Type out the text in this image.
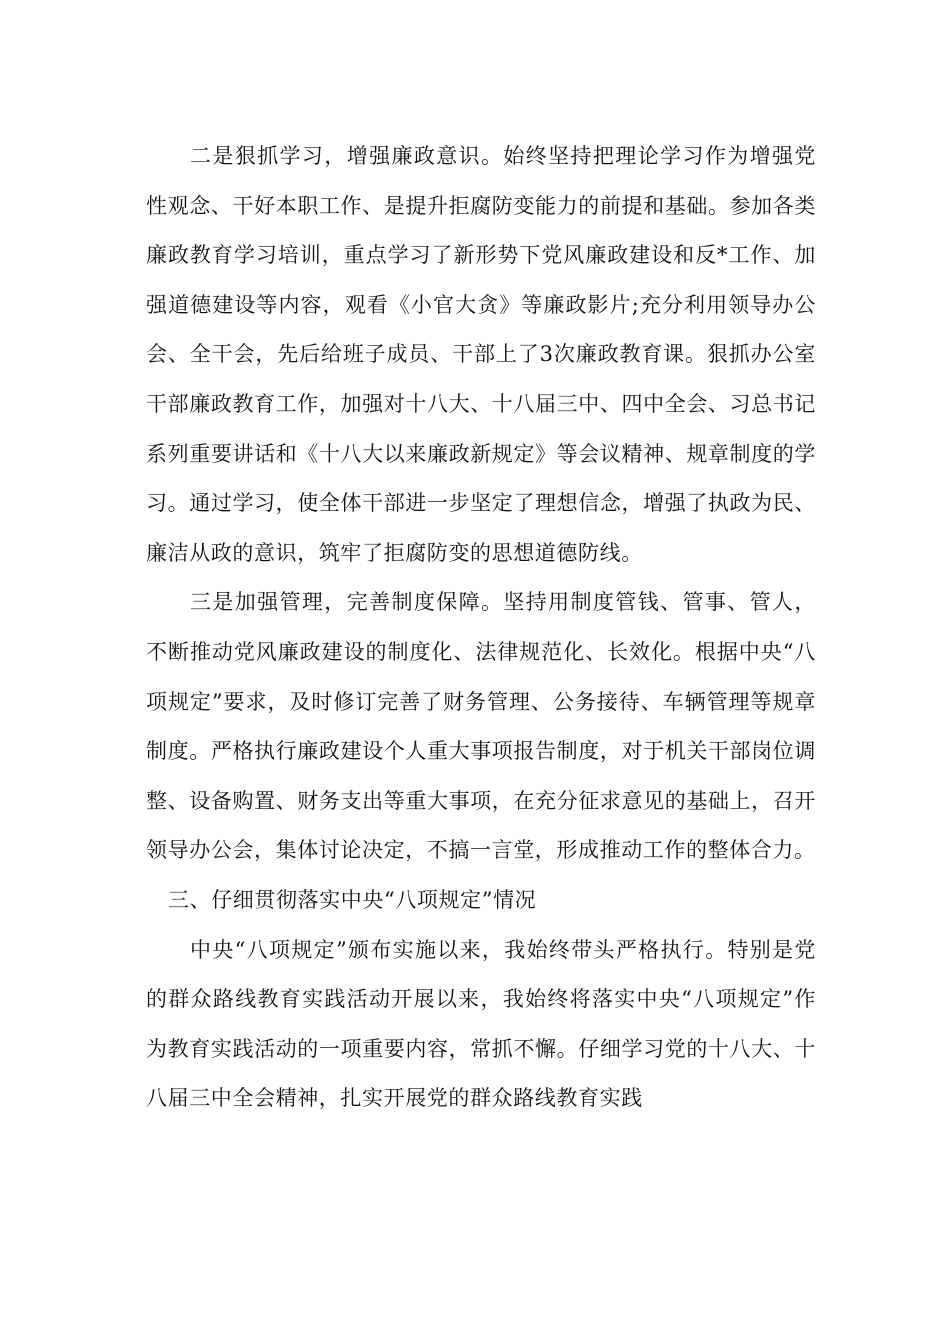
二是狠抓学习，增强廉政意识。始终坚持把理论学习作为增强党性观念、干好本职工作、是提升拒腐防变能力的前提和基础。参加各类廉政教育学习培训，重点学习了新形势下党风廉政建设和反*工作、加强道德建设等内容，观看《小官大贪》等廉政影片;充分利用领导办公会、全干会，先后给班子成员、干部上了3次廉政教育课。狠抓办公室干部廉政教育工作，加强对十八大、十八届三中、四中全会、习总书记系列重要讲话和《十八大以来廉政新规定》等会议精神、规章制度的学习。通过学习，使全体干部进一步坚定了理想信念，增强了执政为民、廉洁从政的意识，筑牢了拒腐防变的思想道德防线。

三是加强管理，完善制度保障。坚持用制度管钱、管事、管人，不断推动党风廉政建设的制度化、法律规范化、长效化。根据中央“八项规定”要求，及时修订完善了财务管理、公务接待、车辆管理等规章制度。严格执行廉政建设个人重大事项报告制度，对于机关干部岗位调整、设备购置、财务支出等重大事项，在充分征求意见的基础上，召开领导办公会，集体讨论决定，不搞一言堂，形成推动工作的整体合力。

三、仔细贯彻落实中央“八项规定”情况

中央“八项规定”颁布实施以来，我始终带头严格执行。特别是党的群众路线教育实践活动开展以来，我始终将落实中央“八项规定”作为教育实践活动的一项重要内容，常抓不懈。仔细学习党的十八大、十八届三中全会精神，扎实开展党的群众路线教育实践
